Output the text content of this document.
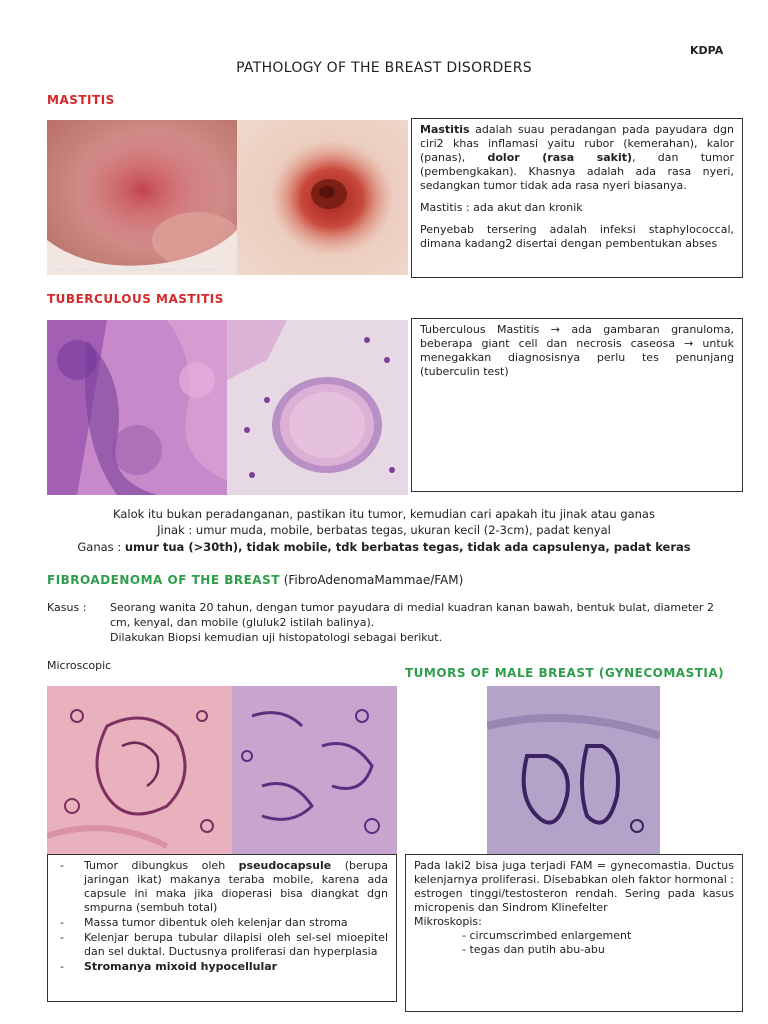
KDPA
PATHOLOGY OF THE BREAST DISORDERS
MASTITIS
©Mayo Foundation for Medical Education and Research. All rights reserved.

Mastitis adalah suau peradangan pada payudara dgn ciri2 khas inflamasi yaitu rubor (kemerahan), kalor (panas), dolor (rasa sakit), dan tumor (pembengkakan). Khasnya adalah ada rasa nyeri, sedangkan tumor tidak ada rasa nyeri biasanya.

Mastitis : ada akut dan kronik

Penyebab tersering adalah infeksi staphylococcal, dimana kadang2 disertai dengan pembentukan abses

TUBERCULOUS MASTITIS

Tuberculous Mastitis → ada gambaran granuloma, beberapa giant cell dan necrosis caseosa → untuk menegakkan diagnosisnya perlu tes penunjang (tuberculin test)

Kalok itu bukan peradanganan, pastikan itu tumor, kemudian cari apakah itu jinak atau ganas
Jinak : umur muda, mobile, berbatas tegas, ukuran kecil (2-3cm), padat kenyal
Ganas : umur tua (>30th), tidak mobile, tdk berbatas tegas, tidak ada capsulenya, padat keras
FIBROADENOMA OF THE BREAST (FibroAdenomaMammae/FAM)
Kasus : Seorang wanita 20 tahun, dengan tumor payudara di medial kuadran kanan bawah, bentuk bulat, diameter 2 cm, kenyal, dan mobile (gluluk2 istilah balinya).
Dilakukan Biopsi kemudian uji histopatologi sebagai berikut.
Microscopic
- Tumor dibungkus oleh pseudocapsule (berupa jaringan ikat) makanya teraba mobile, karena ada capsule ini maka jika dioperasi bisa diangkat dgn smpurna (sembuh total)
- Massa tumor dibentuk oleh kelenjar dan stroma
- Kelenjar berupa tubular dilapisi oleh sel-sel mioepitel dan sel duktal. Ductusnya proliferasi dan hyperplasia
- Stromanya mixoid hypocellular
TUMORS OF MALE BREAST (GYNECOMASTIA)

Pada laki2 bisa juga terjadi FAM = gynecomastia. Ductus kelenjarnya proliferasi. Disebabkan oleh faktor hormonal : estrogen tinggi/testosteron rendah. Sering pada kasus micropenis dan Sindrom Klinefelter

Mikroskopis:
- circumscrimbed enlargement
- tegas dan putih abu-abu
